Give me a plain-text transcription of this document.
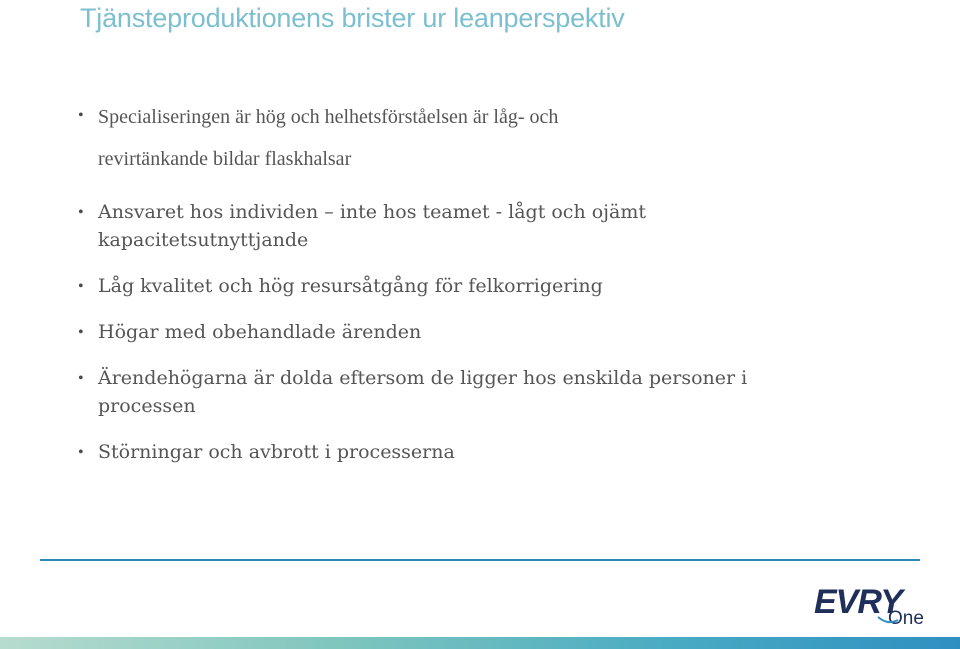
Tjänsteproduktionens brister ur leanperspektiv
• Specialiseringen är hög och helhetsförståelsen är låg- och
revirtänkande bildar flaskhalsar
• Ansvaret hos individen – inte hos teamet - lågt och ojämt
kapacitetsutnyttjande
• Låg kvalitet och hög resursåtgång för felkorrigering
• Högar med obehandlade ärenden
• Ärendehögarna är dolda eftersom de ligger hos enskilda personer i
processen
• Störningar och avbrott i processerna
EVRY
One
